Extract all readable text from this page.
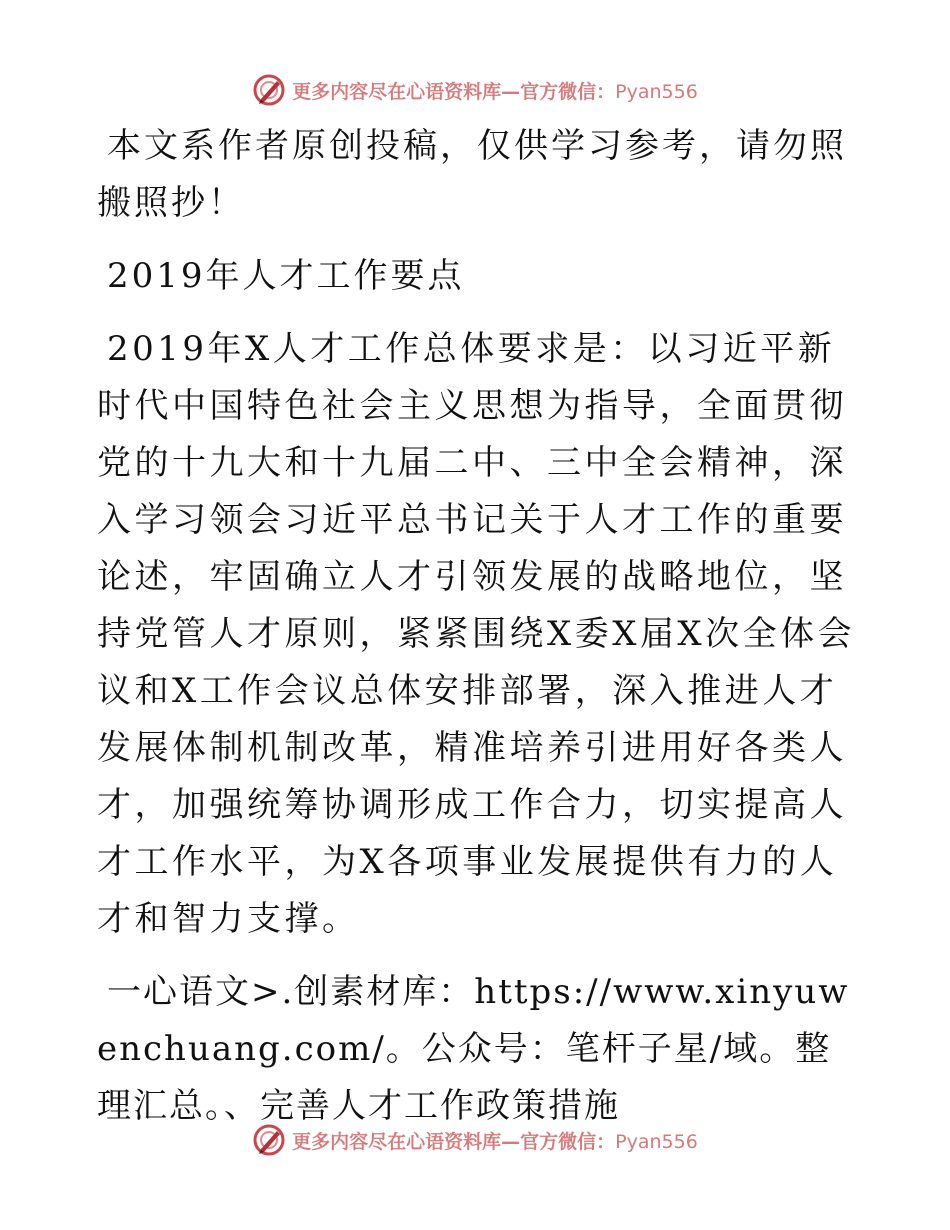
更多内容尽在心语资料库—官方微信：Pyan556

本文系作者原创投稿，仅供学习参考，请勿照搬照抄！

2019年人才工作要点

2019年X人才工作总体要求是：以习近平新时代中国特色社会主义思想为指导，全面贯彻党的十九大和十九届二中、三中全会精神，深入学习领会习近平总书记关于人才工作的重要论述，牢固确立人才引领发展的战略地位，坚持党管人才原则，紧紧围绕X委X届X次全体会议和X工作会议总体安排部署，深入推进人才发展体制机制改革，精准培养引进用好各类人才，加强统筹协调形成工作合力，切实提高人才工作水平，为X各项事业发展提供有力的人才和智力支撑。

一心语文>.创素材库：https://www.xinyuwenchuang.com/。公众号：笔杆子星/域。整理汇总。、完善人才工作政策措施

更多内容尽在心语资料库—官方微信：Pyan556
